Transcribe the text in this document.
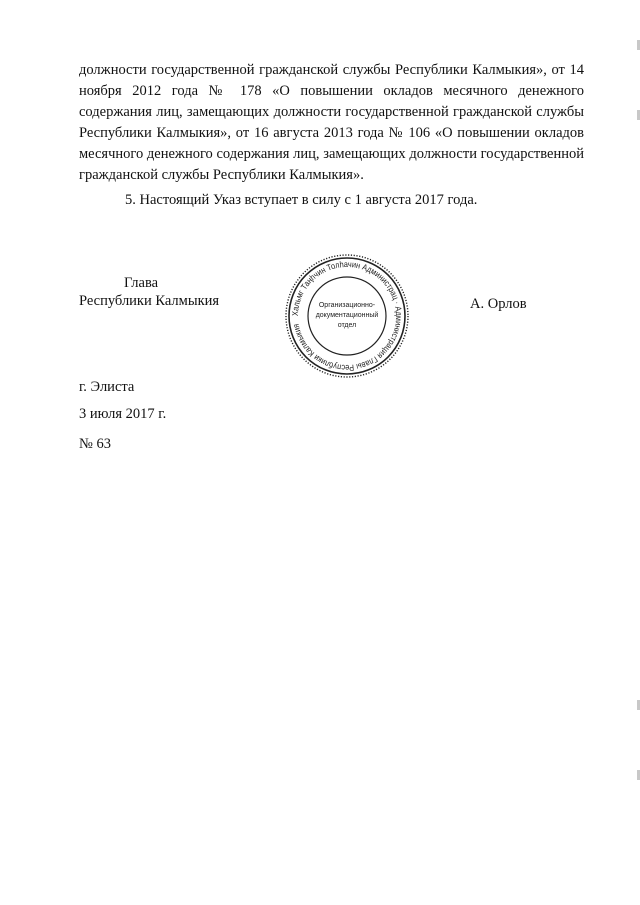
должности государственной гражданской службы Республики Калмыкия», от 14 ноября 2012 года № 178 «О повышении окладов месячного денежного содержания лиц, замещающих должности государственной гражданской службы Республики Калмыкия», от 16 августа 2013 года № 106 «О повышении окладов месячного денежного содержания лиц, замещающих должности государственной гражданской службы Республики Калмыкия».

5. Настоящий Указ вступает в силу с 1 августа 2017 года.

Глава
Республики Калмыкия	А. Орлов
Хальмг Таңһчин Толһачин Администрац · Администрация Главы Республики Калмыкия
Организационно-
документационный
отдел
г. Элиста
3 июля 2017 г.
№ 63
